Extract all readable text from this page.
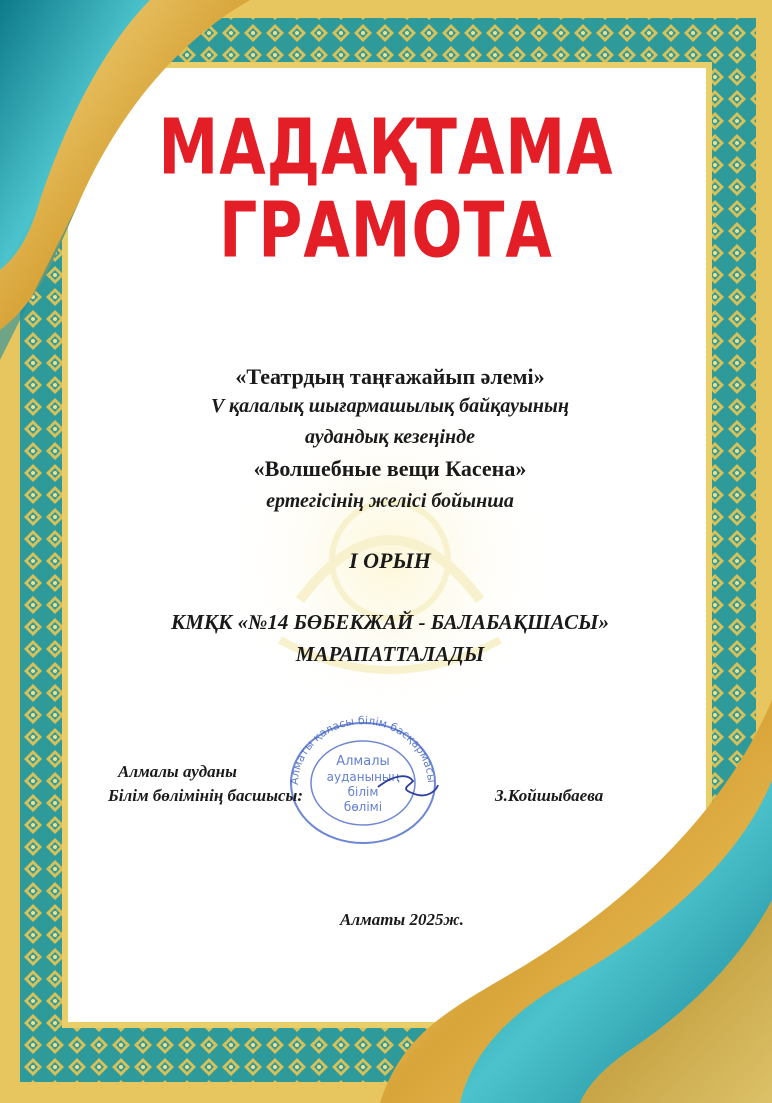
МАДАҚТАМА
ГРАМОТА
«Театрдың таңғажайып әлемі»
V қалалық шығармашылық байқауының
аудандық кезеңінде
«Волшебные вещи Касена»
ертегісінің желісі бойынша
І ОРЫН
КМҚК «№14 БӨБЕКЖАЙ - БАЛАБАҚШАСЫ»
МАРАПАТТАЛАДЫ
Алматы қаласы білім басқармасы
Алмалы
ауданының
білім
бөлімі
Алмалы ауданы
Білім бөлімінің басшысы:	З.Койшыбаева
Алматы 2025ж.
